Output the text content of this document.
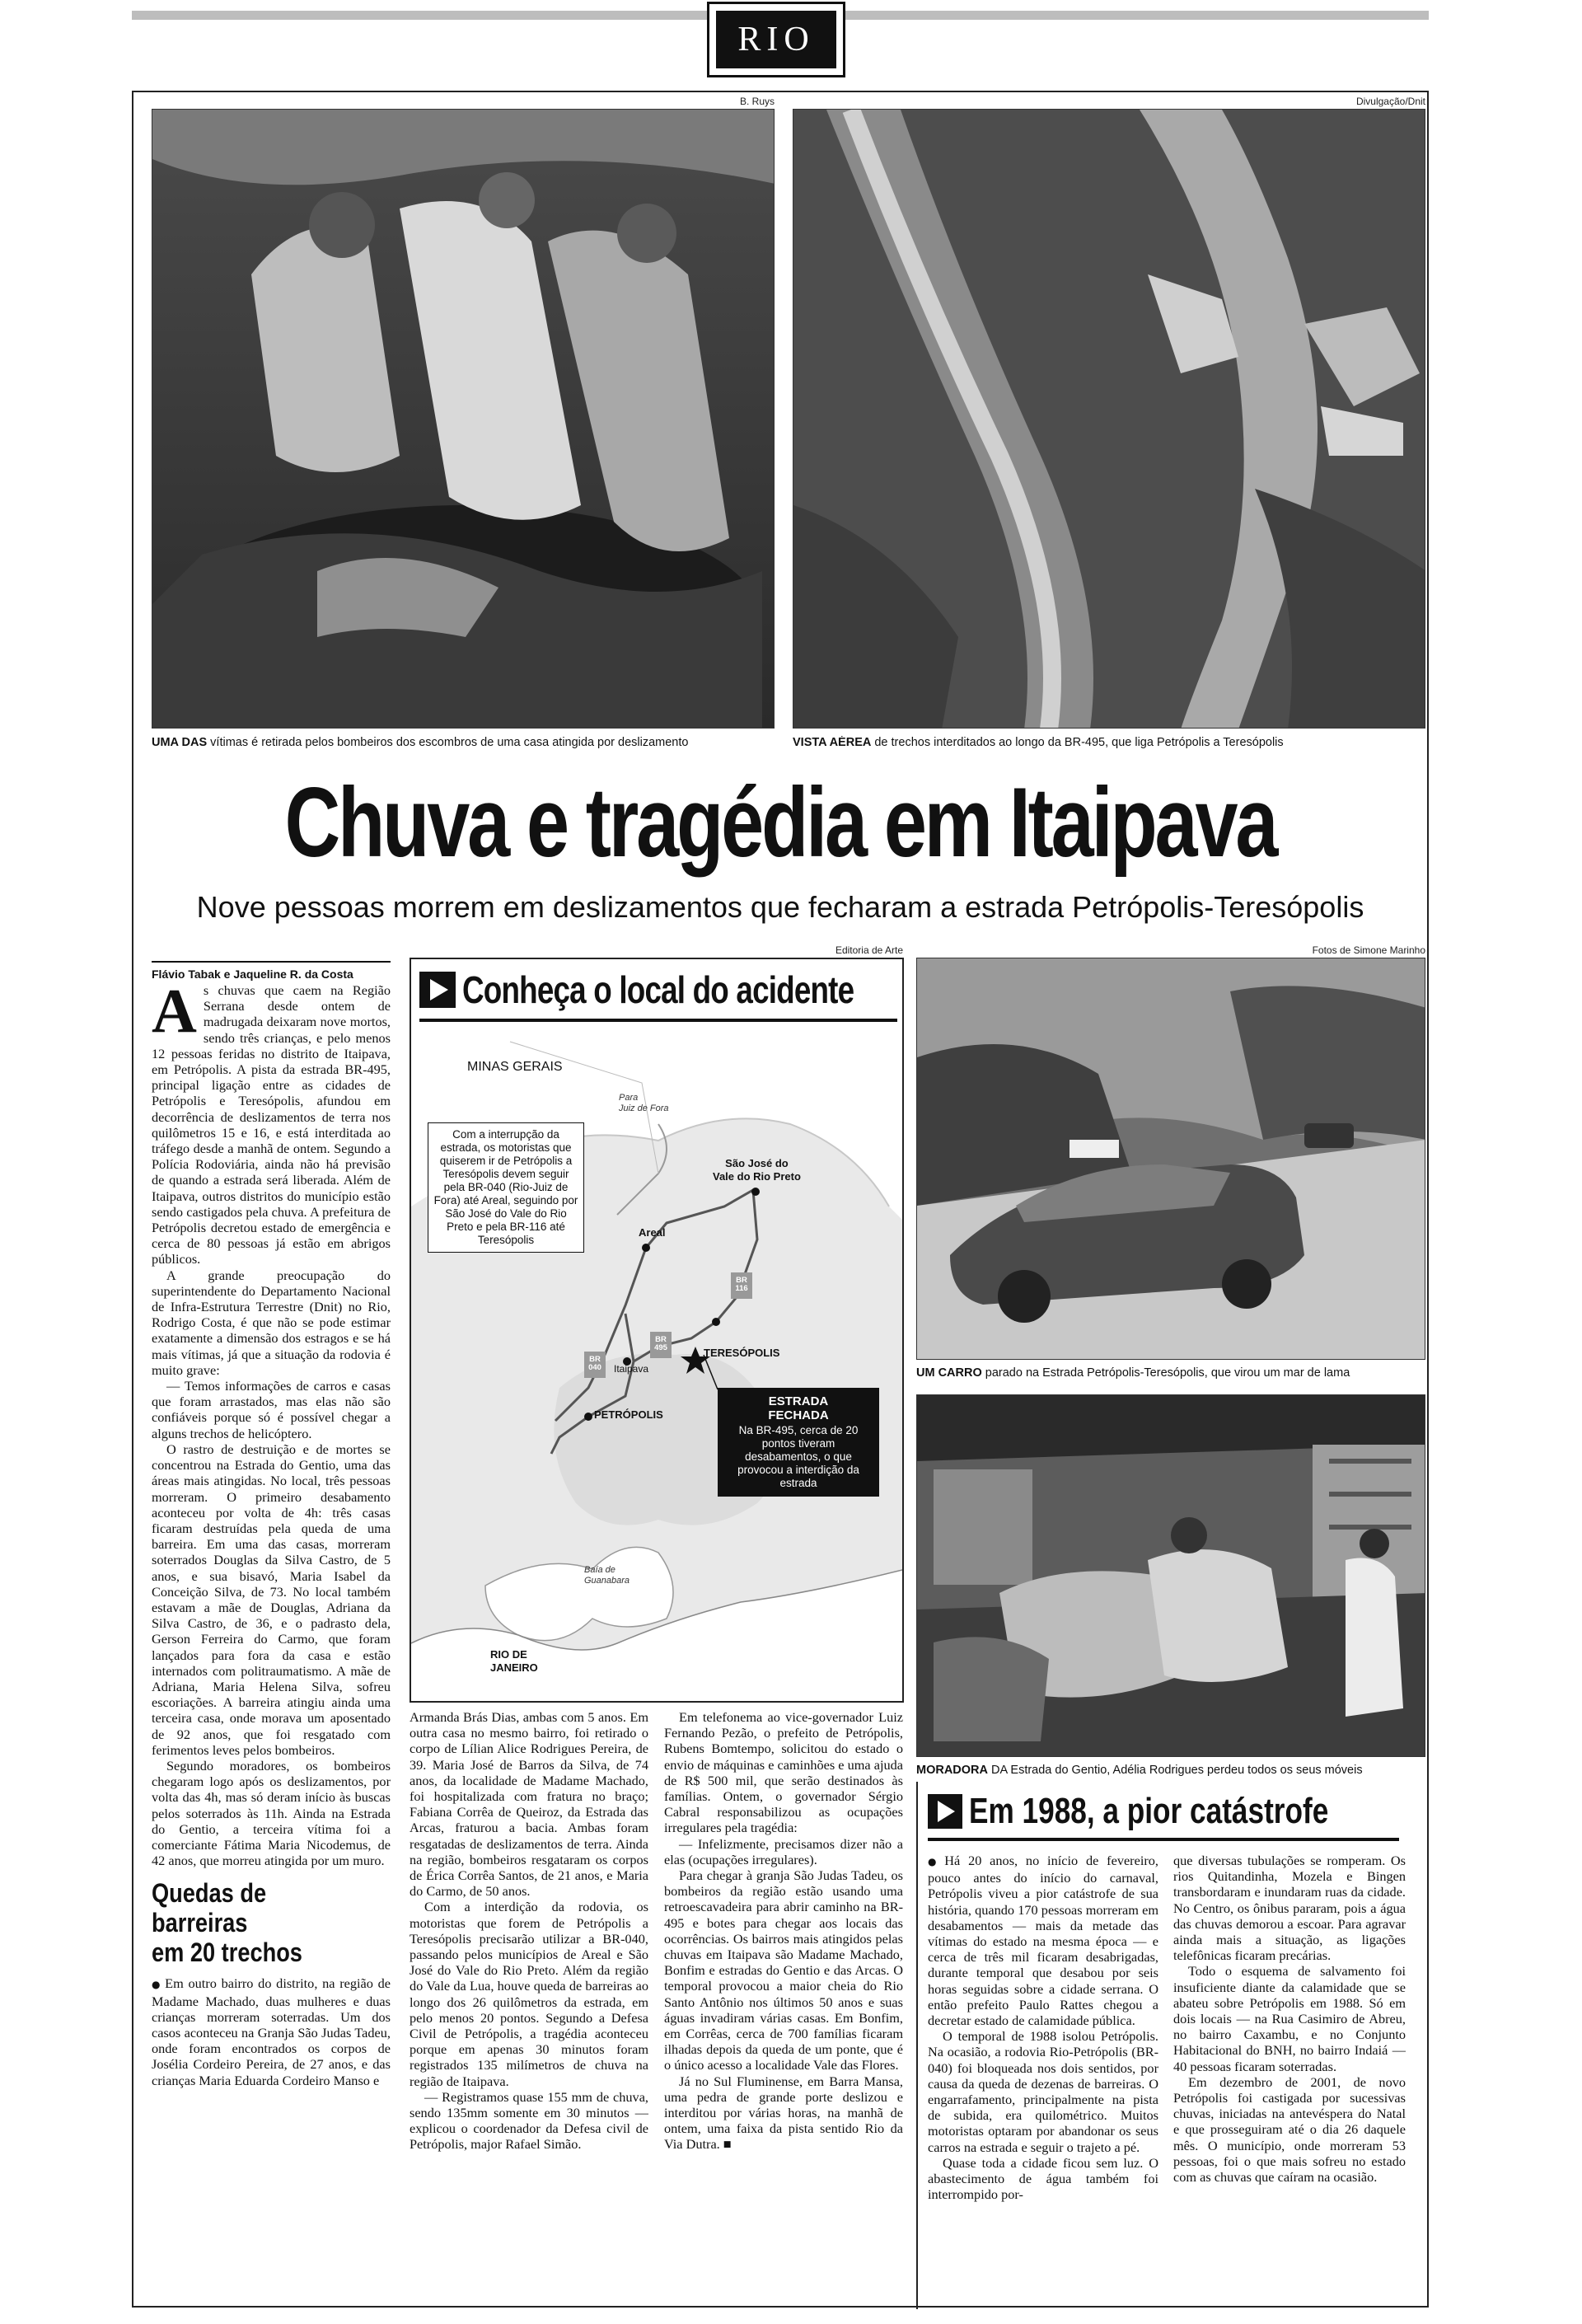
RIO
B. Ruys	Divulgação/Dnit
UMA DAS vítimas é retirada pelos bombeiros dos escombros de uma casa atingida por deslizamento	VISTA AÉREA de trechos interditados ao longo da BR-495, que liga Petrópolis a Teresópolis
Chuva e tragédia em Itaipava
Nove pessoas morrem em deslizamentos que fecharam a estrada Petrópolis-Teresópolis
Flávio Tabak e Jaqueline R. da Costa

As chuvas que caem na Região Serrana desde ontem de madrugada deixaram nove mortos, sendo três crianças, e pelo menos 12 pessoas feridas no distrito de Itaipava, em Petrópolis. A pista da estrada BR-495, principal ligação entre as cidades de Petrópolis e Teresópolis, afundou em decorrência de deslizamentos de terra nos quilômetros 15 e 16, e está interditada ao tráfego desde a manhã de ontem. Segundo a Polícia Rodoviária, ainda não há previsão de quando a estrada será liberada. Além de Itaipava, outros distritos do município estão sendo castigados pela chuva. A prefeitura de Petrópolis decretou estado de emergência e cerca de 80 pessoas já estão em abrigos públicos.

A grande preocupação do superintendente do Departamento Nacional de Infra-Estrutura Terrestre (Dnit) no Rio, Rodrigo Costa, é que não se pode estimar exatamente a dimensão dos estragos e se há mais vítimas, já que a situação da rodovia é muito grave:

— Temos informações de carros e casas que foram arrastados, mas elas não são confiáveis porque só é possível chegar a alguns trechos de helicóptero.

O rastro de destruição e de mortes se concentrou na Estrada do Gentio, uma das áreas mais atingidas. No local, três pessoas morreram. O primeiro desabamento aconteceu por volta de 4h: três casas ficaram destruídas pela queda de uma barreira. Em uma das casas, morreram soterrados Douglas da Silva Castro, de 5 anos, e sua bisavó, Maria Isabel da Conceição Silva, de 73. No local também estavam a mãe de Douglas, Adriana da Silva Castro, de 36, e o padrasto dela, Gerson Ferreira do Carmo, que foram lançados para fora da casa e estão internados com politraumatismo. A mãe de Adriana, Maria Helena Silva, sofreu escoriações. A barreira atingiu ainda uma terceira casa, onde morava um aposentado de 92 anos, que foi resgatado com ferimentos leves pelos bombeiros.

Segundo moradores, os bombeiros chegaram logo após os deslizamentos, por volta das 4h, mas só deram início às buscas pelos soterrados às 11h. Ainda na Estrada do Gentio, a terceira vítima foi a comerciante Fátima Maria Nicodemus, de 42 anos, que morreu atingida por um muro.

Quedas de barreiras
em 20 trechos

● Em outro bairro do distrito, na região de Madame Machado, duas mulheres e duas crianças morreram soterradas. Um dos casos aconteceu na Granja São Judas Tadeu, onde foram encontrados os corpos de Josélia Cordeiro Pereira, de 27 anos, e das crianças Maria Eduarda Cordeiro Manso e

Editoria de Arte
Conheça o local do acidente
MINAS GERAIS
Para
Juiz de Fora
Com a interrupção da estrada, os motoristas que quiserem ir de Petrópolis a Teresópolis devem seguir pela BR-040 (Rio-Juiz de Fora) até Areal, seguindo por São José do Vale do Rio Preto e pela BR-116 até Teresópolis
São José do
Vale do Rio Preto
Areal
Itaipava
TERESÓPOLIS
PETRÓPOLIS
Baía de
Guanabara
RIO DE
JANEIRO
BR
116
BR
495
BR
040
ESTRADA
FECHADA
Na BR-495, cerca de 20 pontos tiveram desabamentos, o que provocou a interdição da estrada

Armanda Brás Dias, ambas com 5 anos. Em outra casa no mesmo bairro, foi retirado o corpo de Lílian Alice Rodrigues Pereira, de 39. Maria José de Barros da Silva, de 74 anos, da localidade de Madame Machado, foi hospitalizada com fratura no braço; Fabiana Corrêa de Queiroz, da Estrada das Arcas, fraturou a bacia. Ambas foram resgatadas de deslizamentos de terra. Ainda na região, bombeiros resgataram os corpos de Érica Corrêa Santos, de 21 anos, e Maria do Carmo, de 50 anos.

Com a interdição da rodovia, os motoristas que forem de Petrópolis a Teresópolis precisarão utilizar a BR-040, passando pelos municípios de Areal e São José do Vale do Rio Preto. Além da região do Vale da Lua, houve queda de barreiras ao longo dos 26 quilômetros da estrada, em pelo menos 20 pontos. Segundo a Defesa Civil de Petrópolis, a tragédia aconteceu porque em apenas 30 minutos foram registrados 135 milímetros de chuva na região de Itaipava.

— Registramos quase 155 mm de chuva, sendo 135mm somente em 30 minutos — explicou o coordenador da Defesa civil de Petrópolis, major Rafael Simão.

Em telefonema ao vice-governador Luiz Fernando Pezão, o prefeito de Petrópolis, Rubens Bomtempo, solicitou do estado o envio de máquinas e caminhões e uma ajuda de R$ 500 mil, que serão destinados às famílias. Ontem, o governador Sérgio Cabral responsabilizou as ocupações irregulares pela tragédia:

— Infelizmente, precisamos dizer não a elas (ocupações irregulares).

Para chegar à granja São Judas Tadeu, os bombeiros da região estão usando uma retroescavadeira para abrir caminho na BR-495 e botes para chegar aos locais das ocorrências. Os bairros mais atingidos pelas chuvas em Itaipava são Madame Machado, Bonfim e estradas do Gentio e das Arcas. O temporal provocou a maior cheia do Rio Santo Antônio nos últimos 50 anos e suas águas invadiram várias casas. Em Bonfim, em Corrêas, cerca de 700 famílias ficaram ilhadas depois da queda de um ponte, que é o único acesso a localidade Vale das Flores.

Já no Sul Fluminense, em Barra Mansa, uma pedra de grande porte deslizou e interditou por várias horas, na manhã de ontem, uma faixa da pista sentido Rio da Via Dutra. ■

Fotos de Simone Marinho
UM CARRO parado na Estrada Petrópolis-Teresópolis, que virou um mar de lama
MORADORA DA Estrada do Gentio, Adélia Rodrigues perdeu todos os seus móveis
Em 1988, a pior catástrofe

● Há 20 anos, no início de fevereiro, pouco antes do início do carnaval, Petrópolis viveu a pior catástrofe de sua história, quando 170 pessoas morreram em desabamentos — mais da metade das vítimas do estado na mesma época — e cerca de três mil ficaram desabrigadas, durante temporal que desabou por seis horas seguidas sobre a cidade serrana. O então prefeito Paulo Rattes chegou a decretar estado de calamidade pública.

O temporal de 1988 isolou Petrópolis. Na ocasião, a rodovia Rio-Petrópolis (BR-040) foi bloqueada nos dois sentidos, por causa da queda de dezenas de barreiras. O engarrafamento, principalmente na pista de subida, era quilométrico. Muitos motoristas optaram por abandonar os seus carros na estrada e seguir o trajeto a pé.

Quase toda a cidade ficou sem luz. O abastecimento de água também foi interrompido por-

que diversas tubulações se romperam. Os rios Quitandinha, Mozela e Bingen transbordaram e inundaram ruas da cidade. No Centro, os ônibus pararam, pois a água das chuvas demorou a escoar. Para agravar ainda mais a situação, as ligações telefônicas ficaram precárias.

Todo o esquema de salvamento foi insuficiente diante da calamidade que se abateu sobre Petrópolis em 1988. Só em dois locais — na Rua Casimiro de Abreu, no bairro Caxambu, e no Conjunto Habitacional do BNH, no bairro Indaiá — 40 pessoas ficaram soterradas.

Em dezembro de 2001, de novo Petrópolis foi castigada por sucessivas chuvas, iniciadas na antevéspera do Natal e que prosseguiram até o dia 26 daquele mês. O município, onde morreram 53 pessoas, foi o que mais sofreu no estado com as chuvas que caíram na ocasião.
